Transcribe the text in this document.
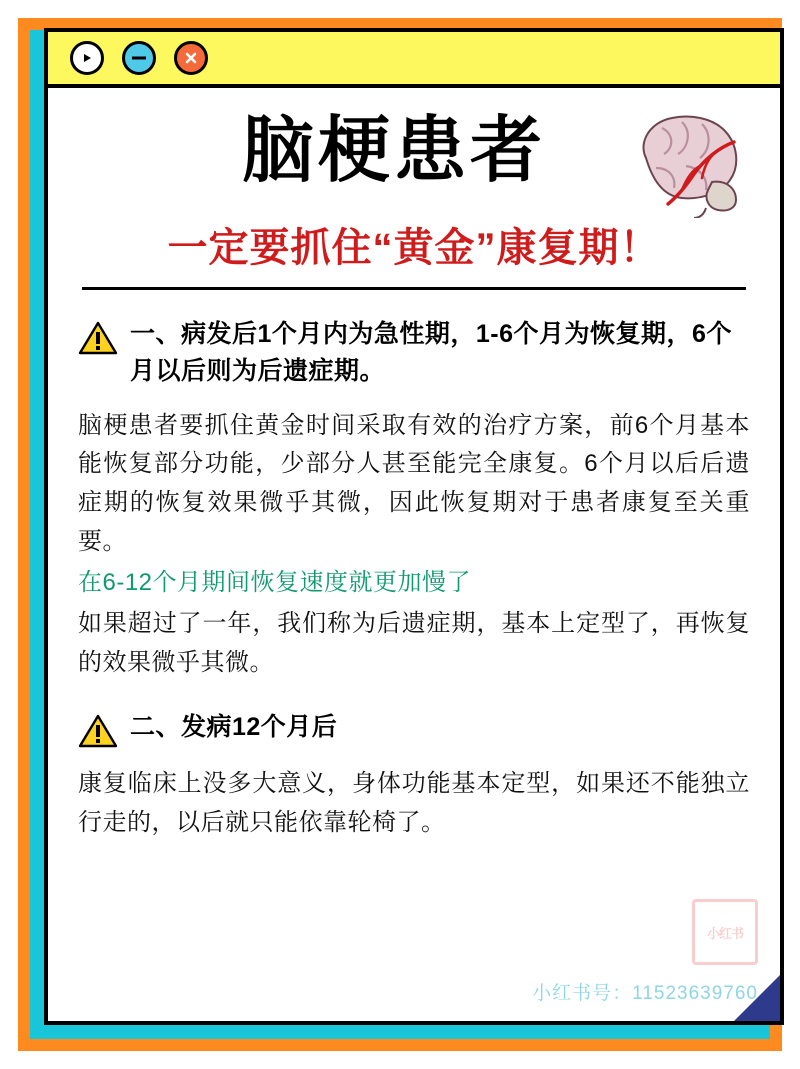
脑梗患者
一定要抓住“黄金”康复期！
一、病发后1个月内为急性期，1-6个月为恢复期，6个月以后则为后遗症期。

脑梗患者要抓住黄金时间采取有效的治疗方案，前6个月基本能恢复部分功能，少部分人甚至能完全康复。6个月以后后遗症期的恢复效果微乎其微，因此恢复期对于患者康复至关重要。

在6-12个月期间恢复速度就更加慢了

如果超过了一年，我们称为后遗症期，基本上定型了，再恢复的效果微乎其微。

二、发病12个月后

康复临床上没多大意义，身体功能基本定型，如果还不能独立行走的，以后就只能依靠轮椅了。

小红书
小红书号：11523639760
